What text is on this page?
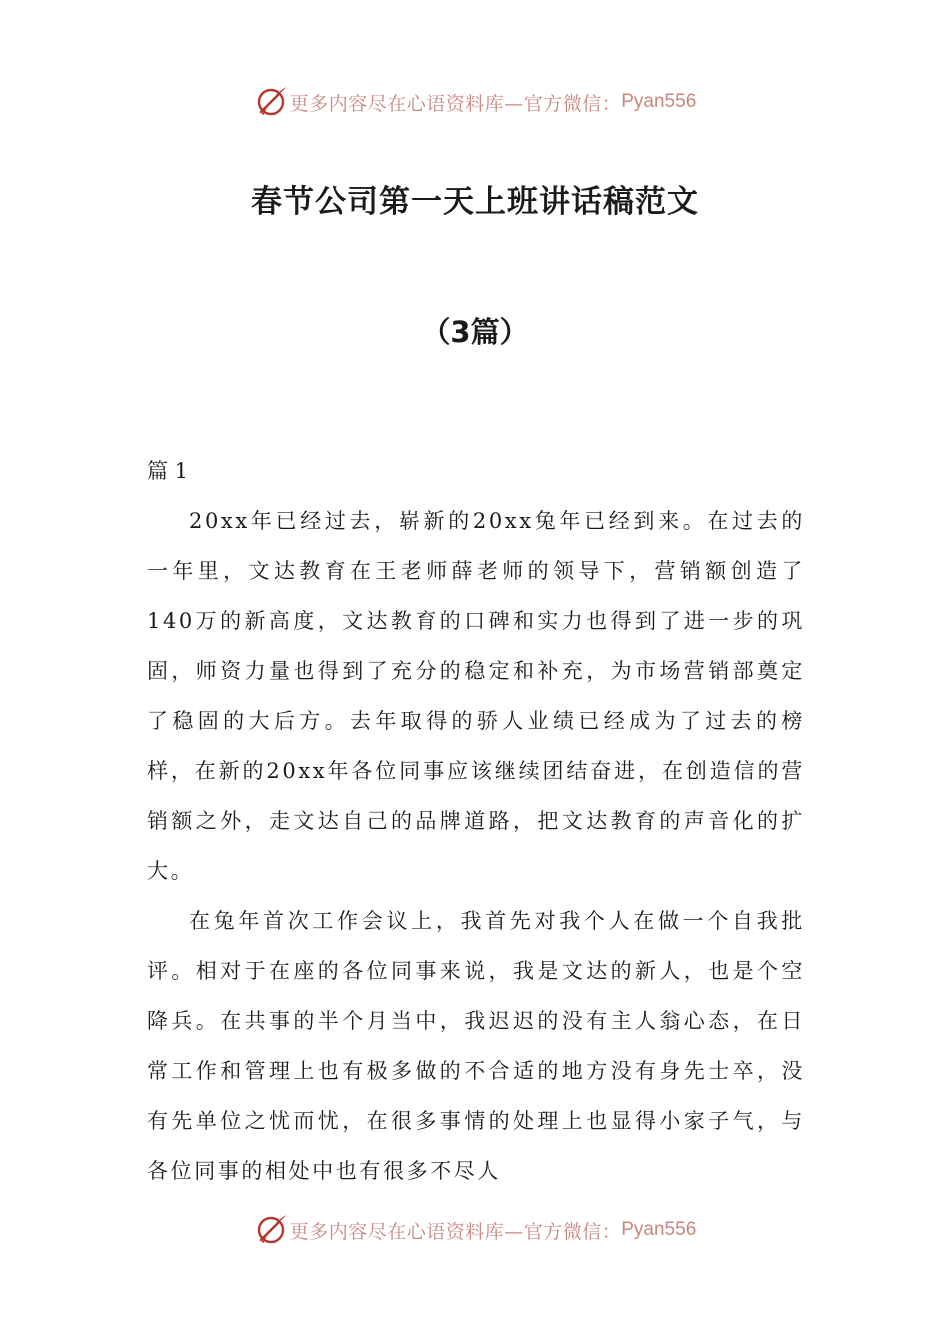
更多内容尽在心语资料库—官方微信： Pyan556
春节公司第一天上班讲话稿范文
（3篇）

篇 1

20xx年已经过去，崭新的20xx兔年已经到来。在过去的一年里，文达教育在王老师薛老师的领导下，营销额创造了140万的新高度，文达教育的口碑和实力也得到了进一步的巩固，师资力量也得到了充分的稳定和补充，为市场营销部奠定了稳固的大后方。去年取得的骄人业绩已经成为了过去的榜样，在新的20xx年各位同事应该继续团结奋进，在创造信的营销额之外，走文达自己的品牌道路，把文达教育的声音化的扩大。

在兔年首次工作会议上，我首先对我个人在做一个自我批评。相对于在座的各位同事来说，我是文达的新人，也是个空降兵。在共事的半个月当中，我迟迟的没有主人翁心态，在日常工作和管理上也有极多做的不合适的地方没有身先士卒，没有先单位之忧而忧，在很多事情的处理上也显得小家子气，与各位同事的相处中也有很多不尽人

更多内容尽在心语资料库—官方微信： Pyan556
